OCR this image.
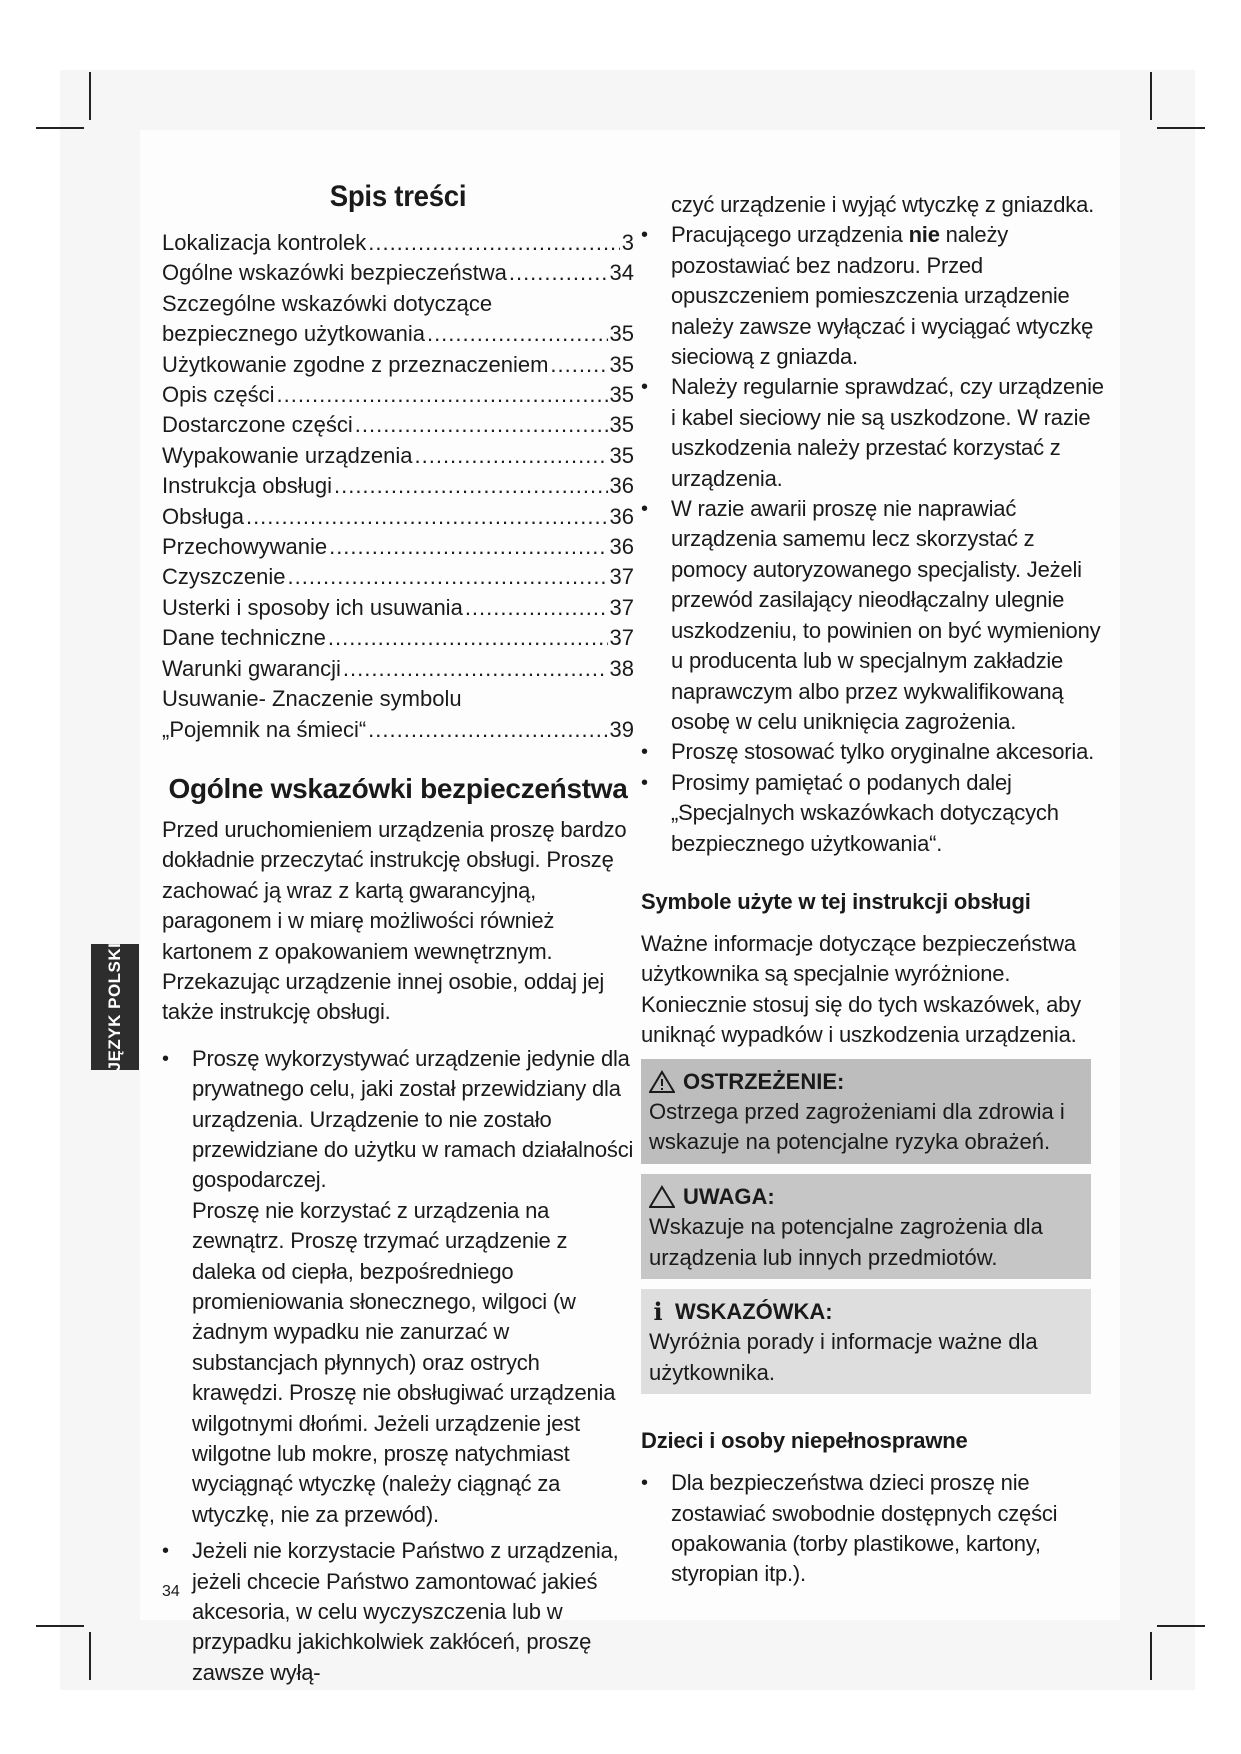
Spis treści
Lokalizacja kontrolek .....	3
Ogólne wskazówki bezpieczeństwa .....	34
Szczególne wskazówki dotyczące
bezpiecznego użytkowania .....	35
Użytkowanie zgodne z przeznaczeniem .....	35
Opis części .....	35
Dostarczone części .....	35
Wypakowanie urządzenia .....	35
Instrukcja obsługi .....	36
Obsługa .....	36
Przechowywanie .....	36
Czyszczenie .....	37
Usterki i sposoby ich usuwania .....	37
Dane techniczne .....	37
Warunki gwarancji .....	38
Usuwanie- Znaczenie symbolu
„Pojemnik na śmieci“ .....	39
Ogólne wskazówki bezpieczeństwa

Przed uruchomieniem urządzenia proszę bardzo dokładnie przeczytać instrukcję obsługi. Proszę zachować ją wraz z kartą gwarancyjną, paragonem i w miarę możliwości również kartonem z opakowaniem wewnętrznym. Przekazując urządzenie innej osobie, oddaj jej także instrukcję obsługi.

• Proszę wykorzystywać urządzenie jedynie dla prywatnego celu, jaki został przewidziany dla urządzenia. Urządzenie to nie zostało przewidziane do użytku w ramach działalności gospodarczej.
Proszę nie korzystać z urządzenia na zewnątrz. Proszę trzymać urządzenie z daleka od ciepła, bezpośredniego promieniowania słonecznego, wilgoci (w żadnym wypadku nie zanurzać w substancjach płynnych) oraz ostrych krawędzi. Proszę nie obsługiwać urządzenia wilgotnymi dłońmi. Jeżeli urządzenie jest wilgotne lub mokre, proszę natychmiast wyciągnąć wtyczkę (należy ciągnąć za wtyczkę, nie za przewód).
• Jeżeli nie korzystacie Państwo z urządzenia, jeżeli chcecie Państwo zamontować jakieś akcesoria, w celu wyczyszczenia lub w przypadku jakichkolwiek zakłóceń, proszę zawsze wyłą-
czyć urządzenie i wyjąć wtyczkę z gniazdka.
• Pracującego urządzenia nie należy pozostawiać bez nadzoru. Przed opuszczeniem pomieszczenia urządzenie należy zawsze wyłączać i wyciągać wtyczkę sieciową z gniazda.
• Należy regularnie sprawdzać, czy urządzenie i kabel sieciowy nie są uszkodzone. W razie uszkodzenia należy przestać korzystać z urządzenia.
• W razie awarii proszę nie naprawiać urządzenia samemu lecz skorzystać z pomocy autoryzowanego specjalisty. Jeżeli przewód zasilający nieodłączalny ulegnie uszkodzeniu, to powinien on być wymieniony u producenta lub w specjalnym zakładzie naprawczym albo przez wykwalifikowaną osobę w celu uniknięcia zagrożenia.
• Proszę stosować tylko oryginalne akcesoria.
• Prosimy pamiętać o podanych dalej „Specjalnych wskazówkach dotyczących bezpiecznego użytkowania“.
Symbole użyte w tej instrukcji obsługi

Ważne informacje dotyczące bezpieczeństwa użytkownika są specjalnie wyróżnione. Koniecznie stosuj się do tych wskazówek, aby uniknąć wypadków i uszkodzenia urządzenia.

OSTRZEŻENIE:

Ostrzega przed zagrożeniami dla zdrowia i wskazuje na potencjalne ryzyka obrażeń.

UWAGA:

Wskazuje na potencjalne zagrożenia dla urządzenia lub innych przedmiotów.

i WSKAZÓWKA:

Wyróżnia porady i informacje ważne dla użytkownika.

Dzieci i osoby niepełnosprawne
• Dla bezpieczeństwa dzieci proszę nie zostawiać swobodnie dostępnych części opakowania (torby plastikowe, kartony, styropian itp.).
JĘZYK POLSKI
34
